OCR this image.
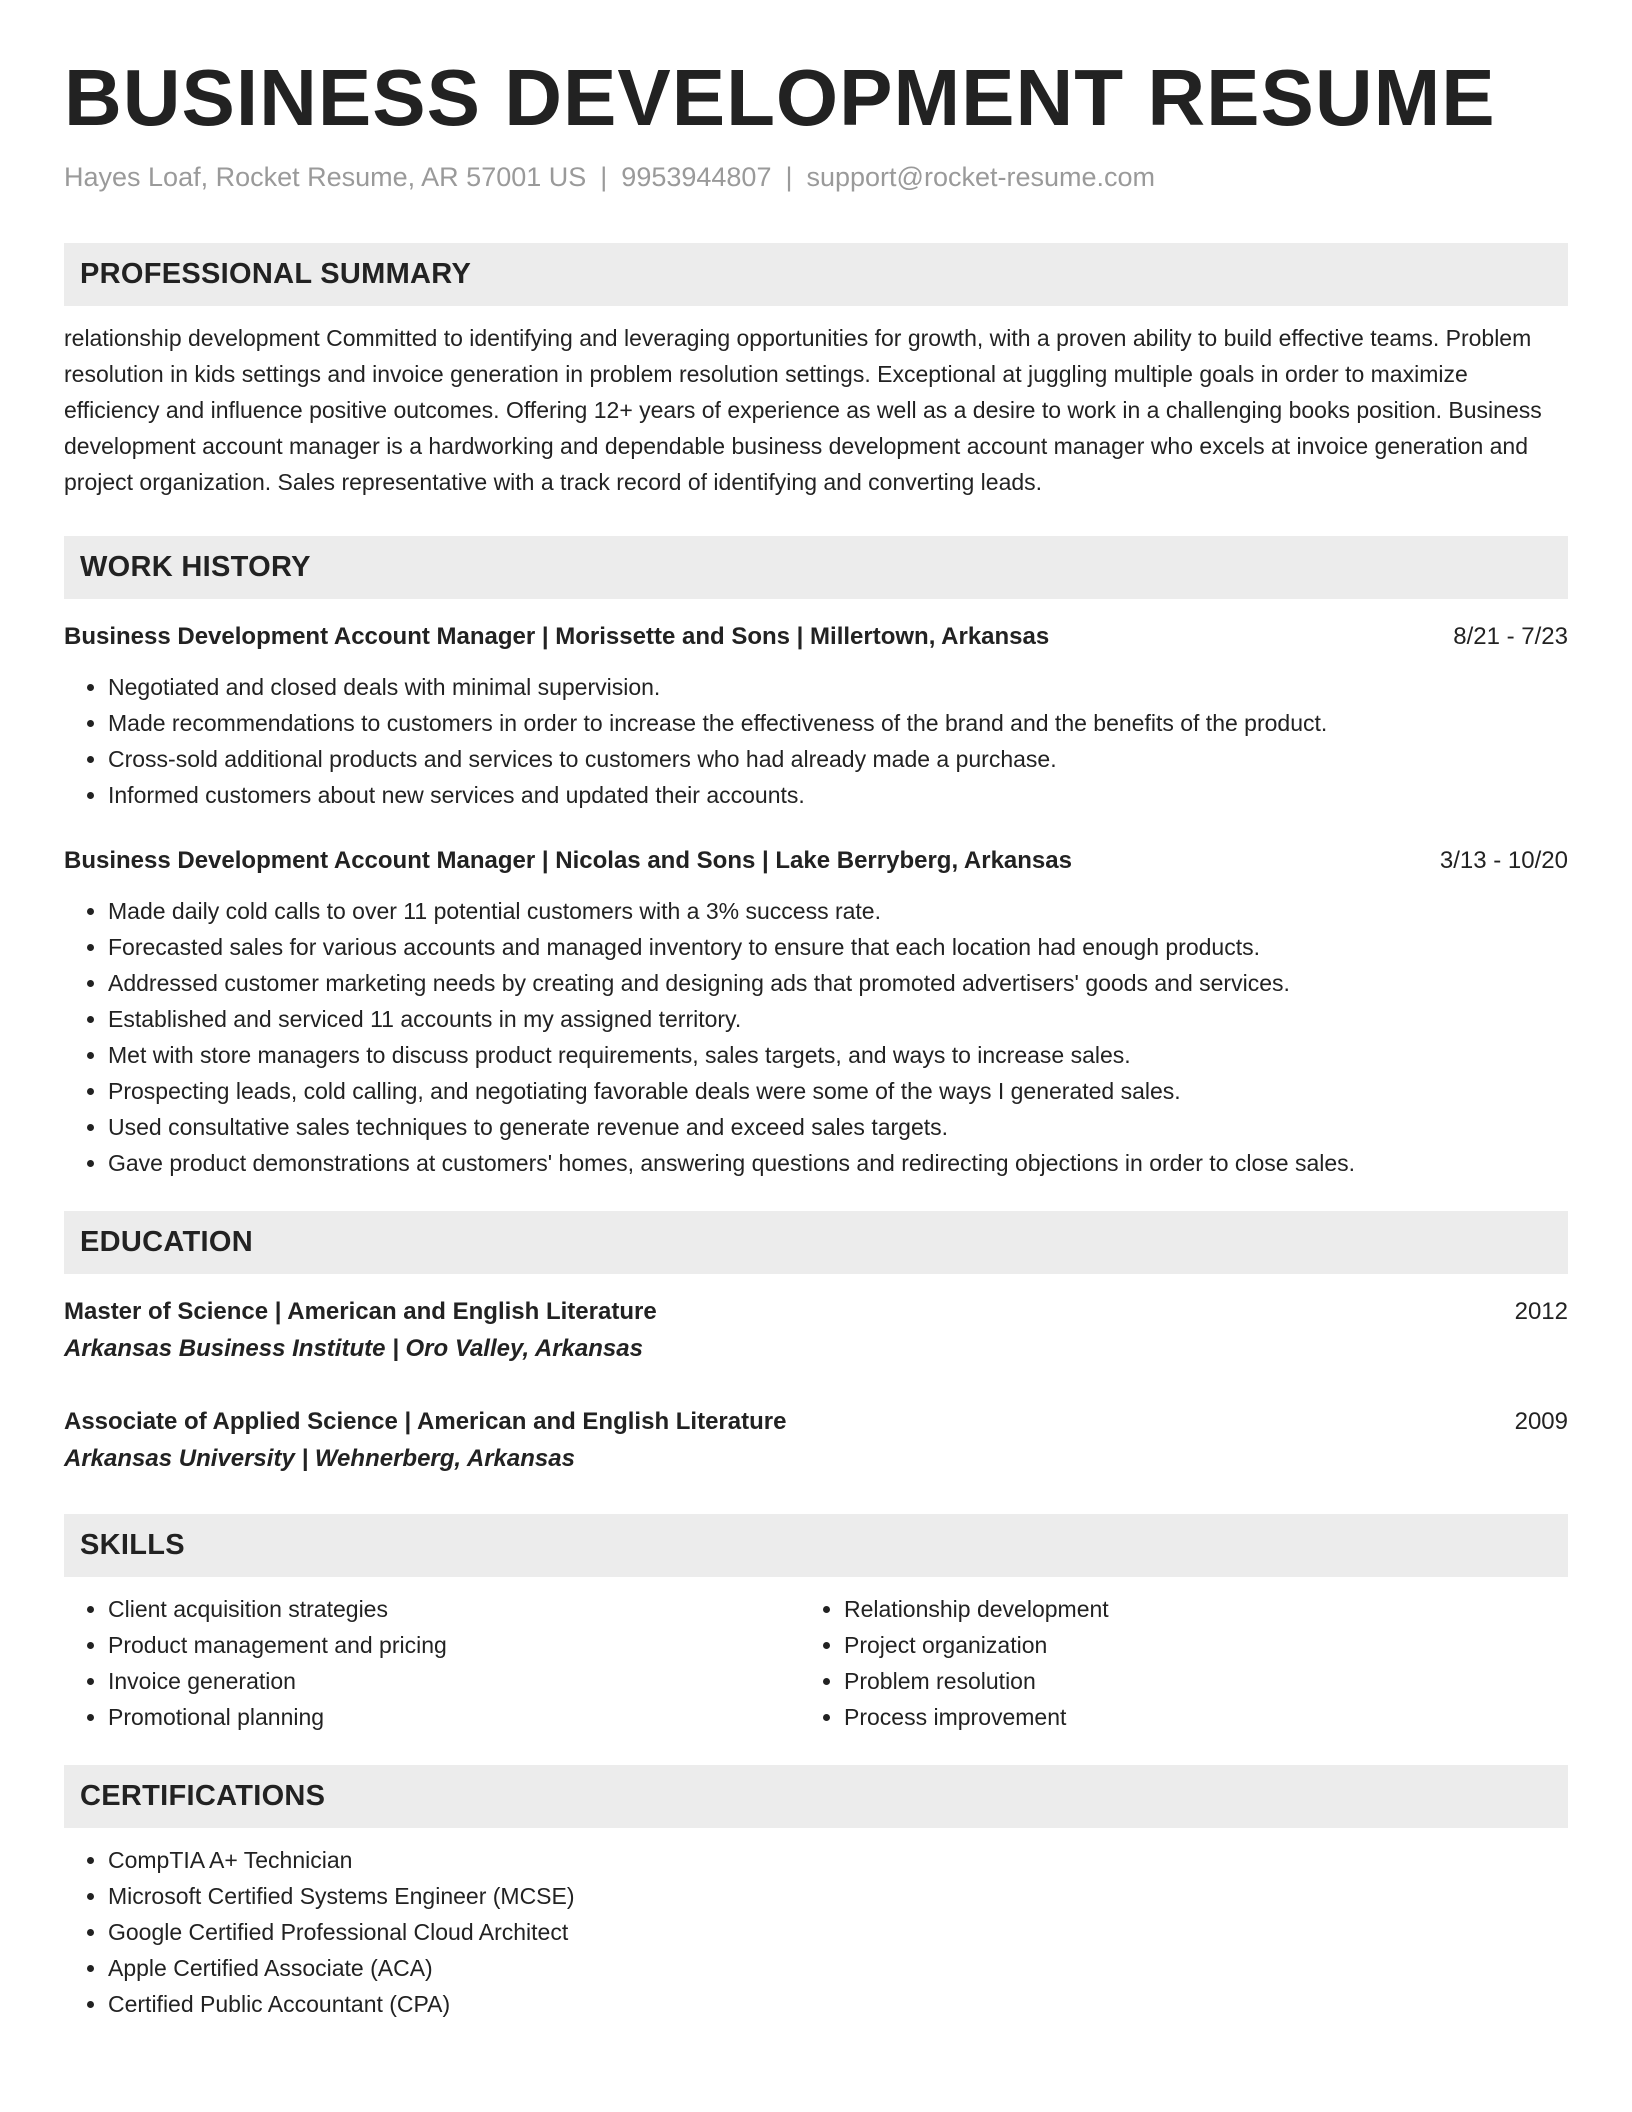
BUSINESS DEVELOPMENT RESUME
Hayes Loaf, Rocket Resume, AR 57001 US | 9953944807 | support@rocket-resume.com
PROFESSIONAL SUMMARY

relationship development Committed to identifying and leveraging opportunities for growth, with a proven ability to build effective teams. Problem resolution in kids settings and invoice generation in problem resolution settings. Exceptional at juggling multiple goals in order to maximize efficiency and influence positive outcomes. Offering 12+ years of experience as well as a desire to work in a challenging books position. Business development account manager is a hardworking and dependable business development account manager who excels at invoice generation and project organization. Sales representative with a track record of identifying and converting leads.

WORK HISTORY
Business Development Account Manager | Morissette and Sons | Millertown, Arkansas	8/21 - 7/23
• Negotiated and closed deals with minimal supervision.
• Made recommendations to customers in order to increase the effectiveness of the brand and the benefits of the product.
• Cross-sold additional products and services to customers who had already made a purchase.
• Informed customers about new services and updated their accounts.
Business Development Account Manager | Nicolas and Sons | Lake Berryberg, Arkansas	3/13 - 10/20
• Made daily cold calls to over 11 potential customers with a 3% success rate.
• Forecasted sales for various accounts and managed inventory to ensure that each location had enough products.
• Addressed customer marketing needs by creating and designing ads that promoted advertisers' goods and services.
• Established and serviced 11 accounts in my assigned territory.
• Met with store managers to discuss product requirements, sales targets, and ways to increase sales.
• Prospecting leads, cold calling, and negotiating favorable deals were some of the ways I generated sales.
• Used consultative sales techniques to generate revenue and exceed sales targets.
• Gave product demonstrations at customers' homes, answering questions and redirecting objections in order to close sales.
EDUCATION
Master of Science | American and English Literature	2012
Arkansas Business Institute | Oro Valley, Arkansas
Associate of Applied Science | American and English Literature	2009
Arkansas University | Wehnerberg, Arkansas
SKILLS
• Client acquisition strategies
• Product management and pricing
• Invoice generation
• Promotional planning
• Relationship development
• Project organization
• Problem resolution
• Process improvement
CERTIFICATIONS
• CompTIA A+ Technician
• Microsoft Certified Systems Engineer (MCSE)
• Google Certified Professional Cloud Architect
• Apple Certified Associate (ACA)
• Certified Public Accountant (CPA)
